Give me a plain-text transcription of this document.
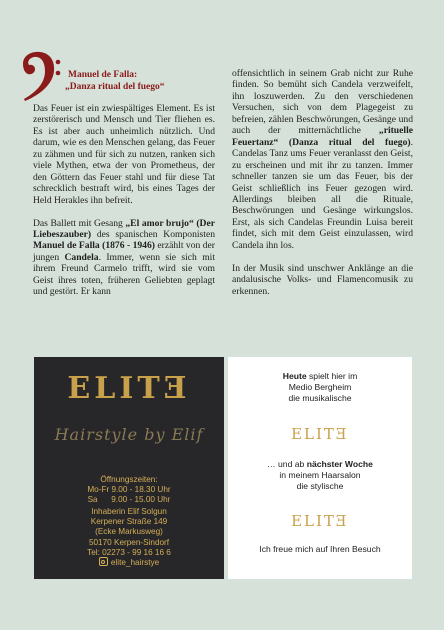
Manuel de Falla:
„Danza ritual del fuego“

Das Feuer ist ein zwiespältiges Element. Es ist zerstörerisch und Mensch und Tier fliehen es. Es ist aber auch unheimlich nützlich. Und darum, wie es den Menschen gelang, das Feuer zu zähmen und für sich zu nutzen, ranken sich viele Mythen, etwa der von Prometheus, der den Göttern das Feuer stahl und für diese Tat schrecklich bestraft wird, bis eines Tages der Held Herakles ihn befreit.

Das Ballett mit Gesang „El amor brujo“ (Der Liebeszauber) des spanischen Komponisten Manuel de Falla (1876 - 1946) erzählt von der jungen Candela. Immer, wenn sie sich mit ihrem Freund Carmelo trifft, wird sie vom Geist ihres toten, früheren Geliebten geplagt und gestört. Er kann

offensichtlich in seinem Grab nicht zur Ruhe finden. So bemüht sich Candela verzweifelt, ihn loszuwerden. Zu den verschiedenen Versuchen, sich von dem Plagegeist zu befreien, zählen Beschwörungen, Gesänge und auch der mitternächtliche „rituelle Feuertanz“ (Danza ritual del fuego). Candelas Tanz ums Feuer veranlasst den Geist, zu erscheinen und mit ihr zu tanzen. Immer schneller tanzen sie um das Feuer, bis der Geist schließlich ins Feuer gezogen wird. Allerdings bleiben all die Rituale, Beschwörungen und Gesänge wirkungslos. Erst, als sich Candelas Freundin Luisa bereit findet, sich mit dem Geist einzulassen, wird Candela ihn los.

In der Musik sind unschwer Anklänge an die andalusische Volks- und Flamencomusik zu erkennen.

ELITƎ
Hairstyle by Elif
Öffnungszeiten:
Mo-Fr 9.00 - 18.30 Uhr
Sa      9.00 - 15.00 Uhr
Inhaberin Elif Solgun
Kerpener Straße 149
(Ecke Markusweg)
50170 Kerpen-Sindorf
Tel: 02273 - 99 16 16 6
elite_hairstye
Heute spielt hier im
Medio Bergheim
die musikalische
ELITƎ
… und ab nächster Woche
in meinem Haarsalon
die stylische
ELITƎ
Ich freue mich auf Ihren Besuch
